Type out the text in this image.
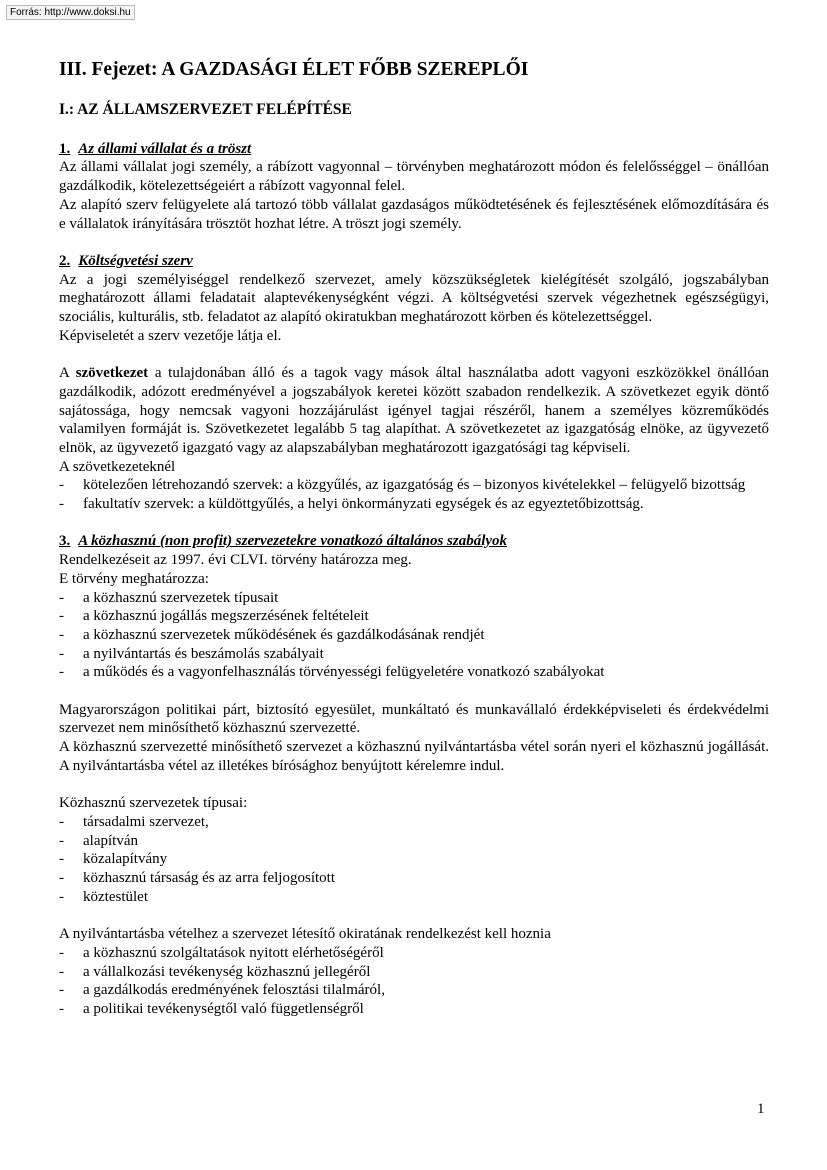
Forrás: http://www.doksi.hu
III. Fejezet: A GAZDASÁGI ÉLET FŐBB SZEREPLŐI
I.: AZ ÁLLAMSZERVEZET FELÉPÍTÉSE
1. Az állami vállalat és a tröszt

Az állami vállalat jogi személy, a rábízott vagyonnal – törvényben meghatározott módon és felelősséggel – önállóan gazdálkodik, kötelezettségeiért a rábízott vagyonnal felel.

Az alapító szerv felügyelete alá tartozó több vállalat gazdaságos működtetésének és fejlesztésének előmozdítására és e vállalatok irányítására trösztöt hozhat létre. A tröszt jogi személy.

2. Költségvetési szerv

Az a jogi személyiséggel rendelkező szervezet, amely közszükségletek kielégítését szolgáló, jogszabályban meghatározott állami feladatait alaptevékenységként végzi. A költségvetési szervek végezhetnek egészségügyi, szociális, kulturális, stb. feladatot az alapító okiratukban meghatározott körben és kötelezettséggel.

Képviseletét a szerv vezetője látja el.

A szövetkezet a tulajdonában álló és a tagok vagy mások által használatba adott vagyoni eszközökkel önállóan gazdálkodik, adózott eredményével a jogszabályok keretei között szabadon rendelkezik. A szövetkezet egyik döntő sajátossága, hogy nemcsak vagyoni hozzájárulást igényel tagjai részéről, hanem a személyes közreműködés valamilyen formáját is. Szövetkezetet legalább 5 tag alapíthat. A szövetkezetet az igazgatóság elnöke, az ügyvezető elnök, az ügyvezető igazgató vagy az alapszabályban meghatározott igazgatósági tag képviseli.

A szövetkezeteknél

- kötelezően létrehozandó szervek: a közgyűlés, az igazgatóság és – bizonyos kivételekkel – felügyelő bizottság
- fakultatív szervek: a küldöttgyűlés, a helyi önkormányzati egységek és az egyeztetőbizottság.
3. A közhasznú (non profit) szervezetekre vonatkozó általános szabályok

Rendelkezéseit az 1997. évi CLVI. törvény határozza meg.

E törvény meghatározza:

- a közhasznú szervezetek típusait
- a közhasznú jogállás megszerzésének feltételeit
- a közhasznú szervezetek működésének és gazdálkodásának rendjét
- a nyilvántartás és beszámolás szabályait
- a működés és a vagyonfelhasználás törvényességi felügyeletére vonatkozó szabályokat

Magyarországon politikai párt, biztosító egyesület, munkáltató és munkavállaló érdekképviseleti és érdekvédelmi szervezet nem minősíthető közhasznú szervezetté.

A közhasznú szervezetté minősíthető szervezet a közhasznú nyilvántartásba vétel során nyeri el közhasznú jogállását. A nyilvántartásba vétel az illetékes bírósághoz benyújtott kérelemre indul.

Közhasznú szervezetek típusai:

- társadalmi szervezet,
- alapítván
- közalapítvány
- közhasznú társaság és az arra feljogosított
- köztestület

A nyilvántartásba vételhez a szervezet létesítő okiratának rendelkezést kell hoznia

- a közhasznú szolgáltatások nyitott elérhetőségéről
- a vállalkozási tevékenység közhasznú jellegéről
- a gazdálkodás eredményének felosztási tilalmáról,
- a politikai tevékenységtől való függetlenségről
1
